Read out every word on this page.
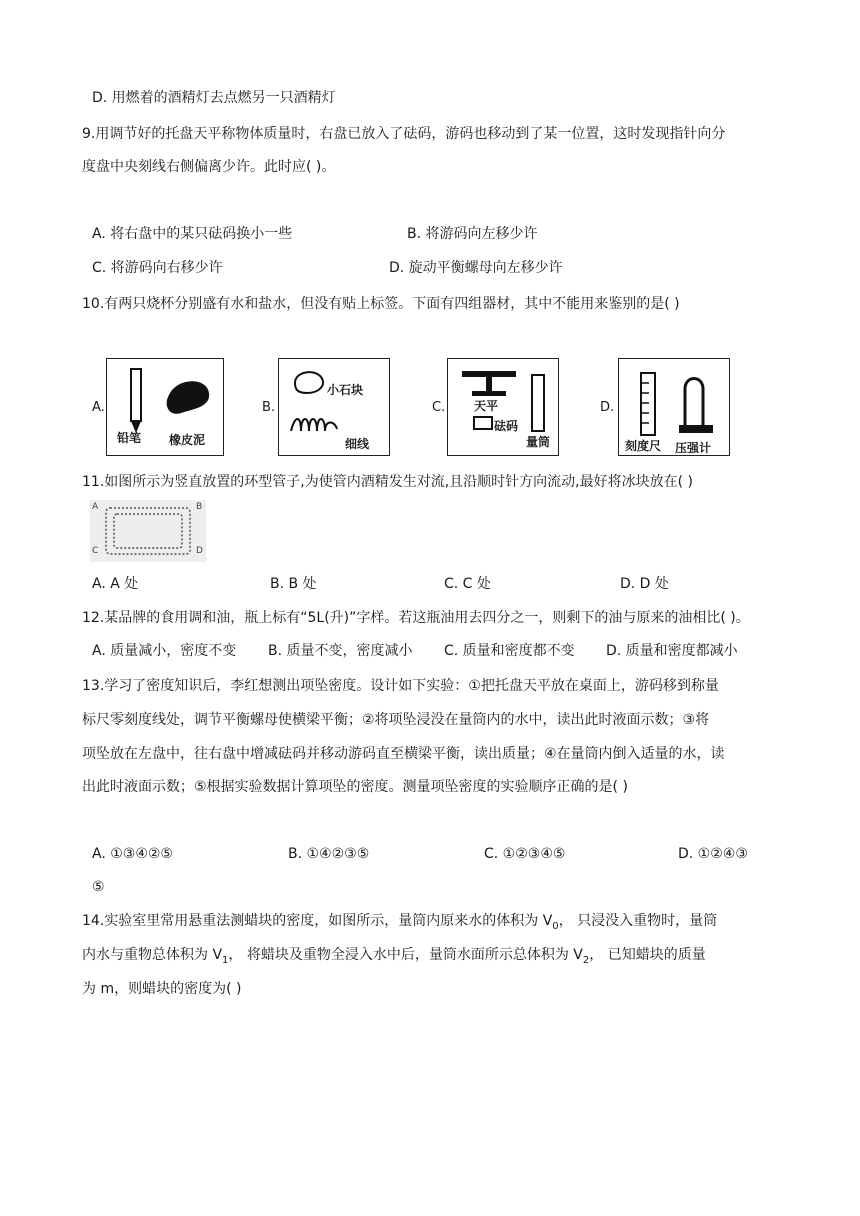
D. 用燃着的酒精灯去点燃另一只酒精灯
9.用调节好的托盘天平称物体质量时，右盘已放入了砝码，游码也移动到了某一位置，这时发现指针向分
度盘中央刻线右侧偏离少许。此时应( )。
A. 将右盘中的某只砝码换小一些	B. 将游码向左移少许
C. 将游码向右移少许	D. 旋动平衡螺母向左移少许
10.有两只烧杯分别盛有水和盐水，但没有贴上标签。下面有四组器材，其中不能用来鉴别的是( )
A.
铅笔 橡皮泥
B.
小石块
细线
C. 天平
砝码
量筒
D.
刻度尺 压强计
11.如图所示为竖直放置的环型管子,为使管内酒精发生对流,且沿顺时针方向流动,最好将冰块放在( )
A	B
C	D
A. A 处	B. B 处	C. C 处	D. D 处
12.某品牌的食用调和油，瓶上标有“5L(升)”字样。若这瓶油用去四分之一，则剩下的油与原来的油相比( )。
A. 质量减小，密度不变 B. 质量不变，密度减小 C. 质量和密度都不变 D. 质量和密度都减小
13.学习了密度知识后，李红想测出项坠密度。设计如下实验：①把托盘天平放在桌面上，游码移到称量
标尺零刻度线处，调节平衡螺母使横梁平衡；②将项坠浸没在量筒内的水中，读出此时液面示数；③将
项坠放在左盘中，往右盘中增减砝码并移动游码直至横梁平衡，读出质量；④在量筒内倒入适量的水，读
出此时液面示数；⑤根据实验数据计算项坠的密度。测量项坠密度的实验顺序正确的是( )
A. ①③④②⑤	B. ①④②③⑤	C. ①②③④⑤	D. ①②④③
⑤
14.实验室里常用悬重法测蜡块的密度，如图所示，量筒内原来水的体积为 $V_0$， 只浸没入重物时，量筒
内水与重物总体积为 $V_1$， 将蜡块及重物全浸入水中后，量筒水面所示总体积为 $V_2$， 已知蜡块的质量
为 m，则蜡块的密度为( )
